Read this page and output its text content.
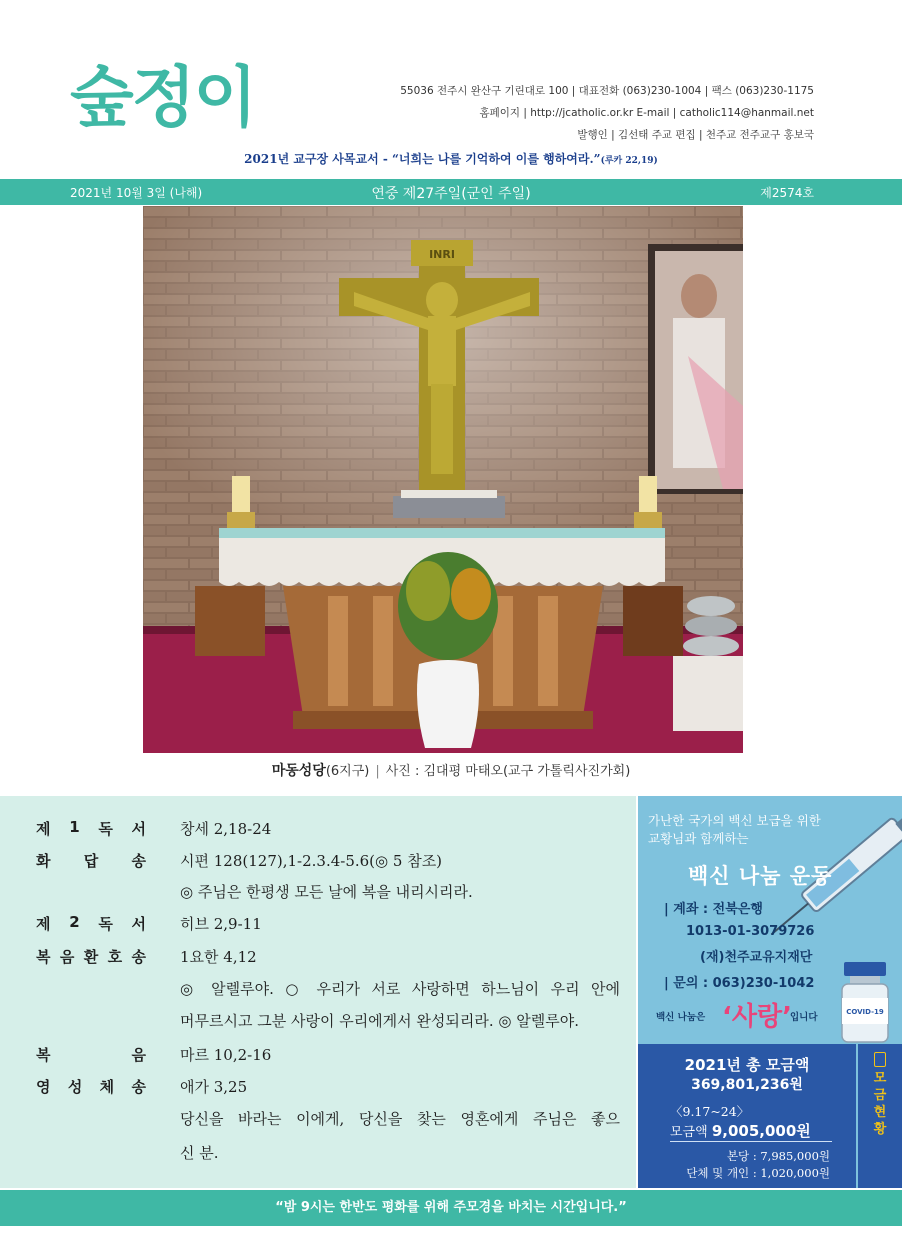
숲정이	55036 전주시 완산구 기린대로 100 | 대표전화 (063)230-1004 | 팩스 (063)230-1175
홈페이지 | http://jcatholic.or.kr E-mail | catholic114@hanmail.net
발행인 | 김선태 주교 편집 | 천주교 전주교구 홍보국
2021년 교구장 사목교서 - “너희는 나를 기억하여 이를 행하여라.”(루카 22,19)
2021년 10월 3일 (나해)	연중 제27주일(군인 주일)	제2574호
INRI
마동성당(6지구) | 사진 : 김대평 마태오(교구 가톨릭사진가회)
제 1 독 서 창세 2,18-24
화 답 송 시편 128(127),1-2.3.4-5.6(◎ 5 참조)
◎ 주님은 한평생 모든 날에 복을 내리시리라.
제 2 독 서 히브 2,9-11
복 음 환 호 송 1요한 4,12
◎ 알렐루야. ○ 우리가 서로 사랑하면 하느님이 우리 안에
머무르시고 그분 사랑이 우리에게서 완성되리라. ◎ 알렐루야.
복	음 마르 10,2-16
영 성 체 송 애가 3,25
당신을 바라는 이에게, 당신을 찾는 영혼에게 주님은 좋으
신 분.
가난한 국가의 백신 보급을 위한
교황님과 함께하는
백신 나눔 운동
| 계좌 : 전북은행
1013-01-3079726
(재)천주교유지재단
| 문의 : 063)230-1042
백신 나눔은 ‘사랑’
입니다	COVID-19
2021년 총 모금액
369,801,236원
〈9.17~24〉
모금액 9,005,000원
본당 : 7,985,000원
단체 및 개인 : 1,020,000원
모
금
현
황
“밤 9시는 한반도 평화를 위해 주모경을 바치는 시간입니다.”
